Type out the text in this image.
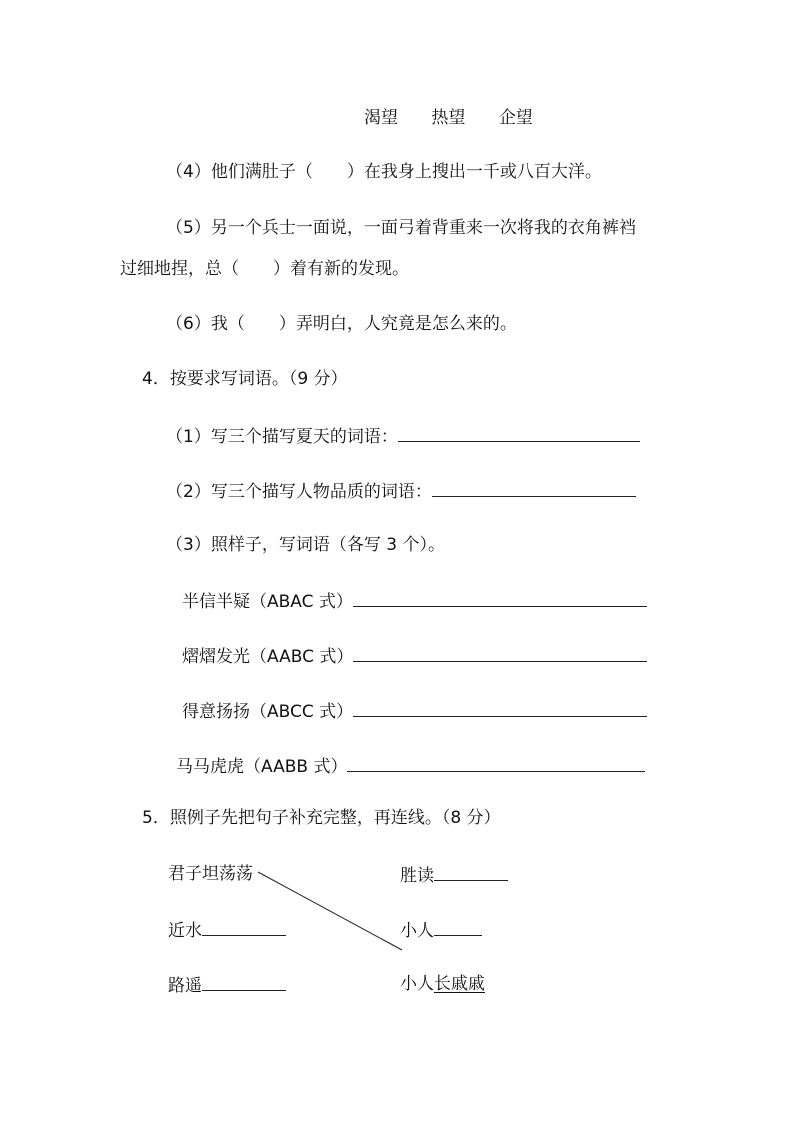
渴望 热望 企望
（4）他们满肚子（　　）在我身上搜出一千或八百大洋。
（5）另一个兵士一面说，一面弓着背重来一次将我的衣角裤裆
过细地捏，总（　　）着有新的发现。
（6）我（　　）弄明白，人究竟是怎么来的。
4．按要求写词语。（9 分）
（1）写三个描写夏天的词语：
（2）写三个描写人物品质的词语：
（3）照样子，写词语（各写 3 个）。
半信半疑（ABAC 式）
熠熠发光（AABC 式）
得意扬扬（ABCC 式）
马马虎虎（AABB 式）
5．照例子先把句子补充完整，再连线。（8 分）
君子坦荡荡
近水
路遥
胜读
小人
小人长戚戚
